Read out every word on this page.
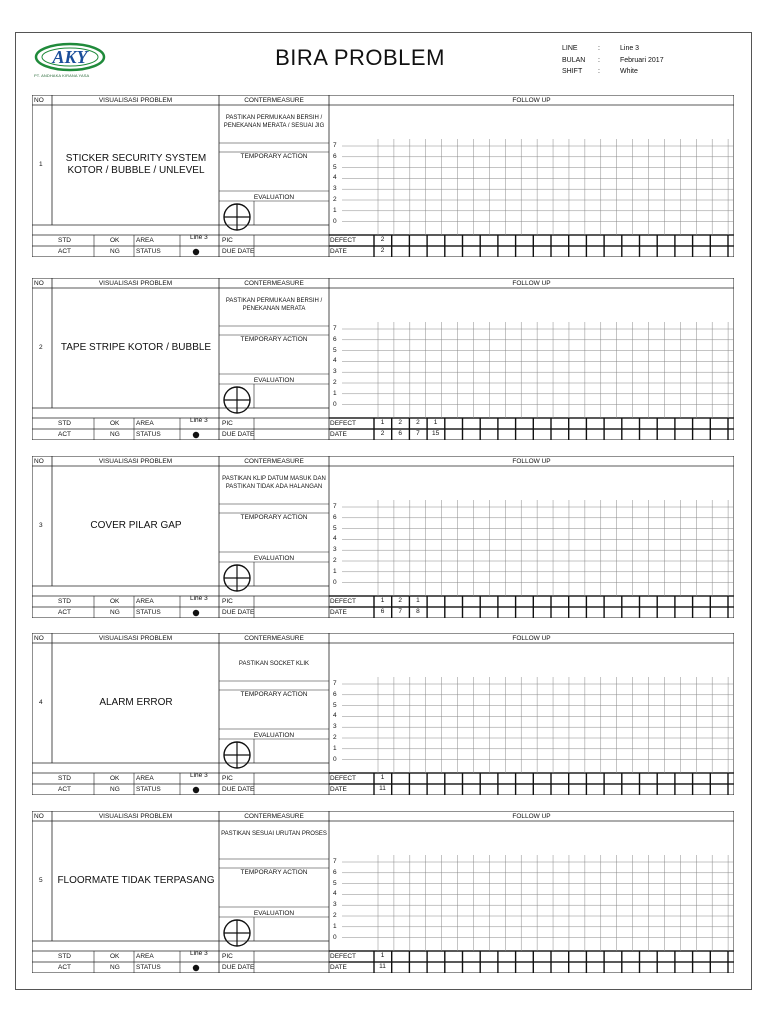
AKY
PT. ANDHAKA KIRANA YASA
BIRA PROBLEM	LINE	:	Line 3
BULAN	:	Februari 2017
SHIFT	:	White
NO	VISUALISASI PROBLEM	CONTERMEASURE	FOLLOW UP
1
STICKER SECURITY SYSTEM KOTOR / BUBBLE / UNLEVEL
PASTIKAN PERMUKAAN BERSIH / PENEKANAN MERATA / SESUAI JIG
TEMPORARY ACTION
EVALUATION
7
6
5
4
3
2
1
0
STD	OK	AREA	Line 3 PIC	DEFECT
ACT	NG	STATUS	DUE DATE	DATE
2
2
NO	VISUALISASI PROBLEM	CONTERMEASURE	FOLLOW UP
2	TAPE STRIPE KOTOR / BUBBLE
PASTIKAN PERMUKAAN BERSIH / PENEKANAN MERATA
TEMPORARY ACTION
EVALUATION
7
6
5
4
3
2
1
0
STD	OK	AREA	Line 3 PIC	DEFECT
ACT	NG	STATUS	DUE DATE	DATE
1	2	2	1
2	6	7	15
NO	VISUALISASI PROBLEM	CONTERMEASURE	FOLLOW UP
3	COVER PILAR GAP
PASTIKAN KLIP DATUM MASUK DAN PASTIKAN TIDAK ADA HALANGAN
TEMPORARY ACTION
EVALUATION
7
6
5
4
3
2
1
0
STD	OK	AREA	Line 3 PIC	DEFECT
ACT	NG	STATUS	DUE DATE	DATE
1	2	1
6	7	8
NO	VISUALISASI PROBLEM	CONTERMEASURE	FOLLOW UP
4	ALARM ERROR
PASTIKAN SOCKET KLIK
TEMPORARY ACTION
EVALUATION
7
6
5
4
3
2
1
0
STD	OK	AREA	Line 3 PIC	DEFECT
ACT	NG	STATUS	DUE DATE	DATE
1
11
NO	VISUALISASI PROBLEM	CONTERMEASURE	FOLLOW UP
5	FLOORMATE TIDAK TERPASANG
PASTIKAN SESUAI URUTAN PROSES
TEMPORARY ACTION
EVALUATION
7
6
5
4
3
2
1
0
STD	OK	AREA	Line 3 PIC	DEFECT
ACT	NG	STATUS	DUE DATE	DATE
1
11
